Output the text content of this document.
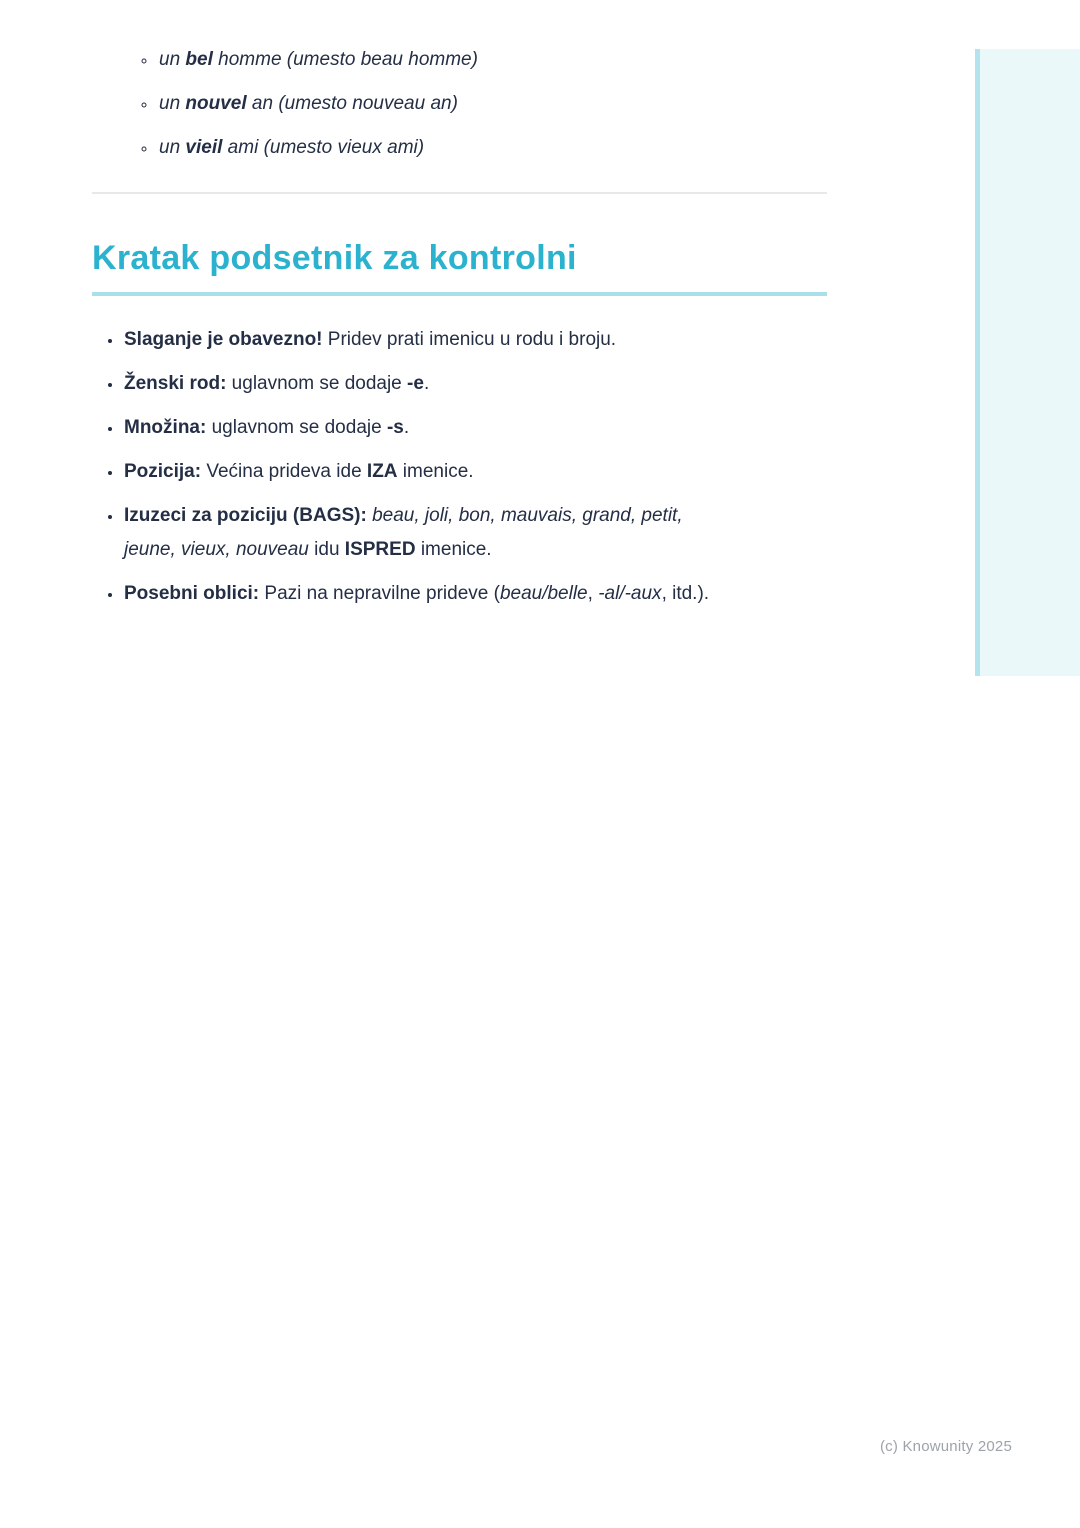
◦ un bel homme (umesto beau homme)
◦ un nouvel an (umesto nouveau an)
◦ un vieil ami (umesto vieux ami)
Kratak podsetnik za kontrolni
• Slaganje je obavezno! Pridev prati imenicu u rodu i broju.
• Ženski rod: uglavnom se dodaje -e.
• Množina: uglavnom se dodaje -s.
• Pozicija: Većina prideva ide IZA imenice.
• Izuzeci za poziciju (BAGS): beau, joli, bon, mauvais, grand, petit,
jeune, vieux, nouveau idu ISPRED imenice.
• Posebni oblici: Pazi na nepravilne prideve (beau/belle, -al/-aux, itd.).
(c) Knowunity 2025
